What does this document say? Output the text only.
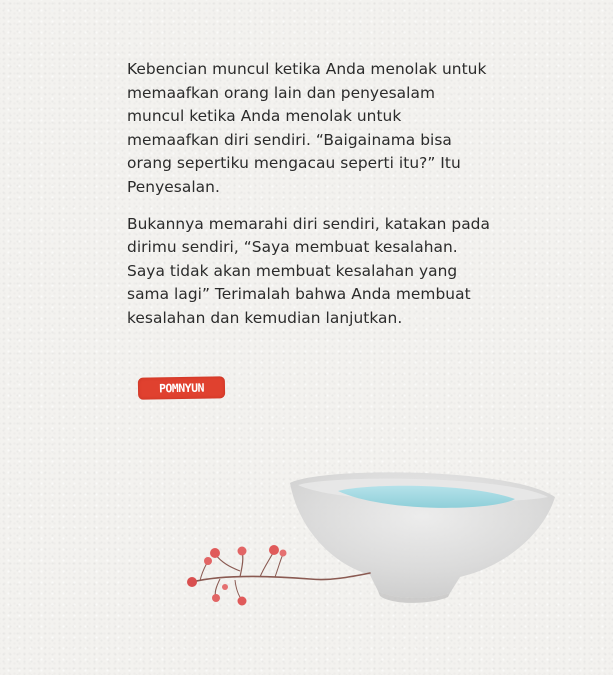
Kebencian muncul ketika Anda menolak untuk
memaafkan orang lain dan penyesalam
muncul ketika Anda menolak untuk
memaafkan diri sendiri. “Baigainama bisa
orang sepertiku mengacau seperti itu?” Itu
Penyesalan.

Bukannya memarahi diri sendiri, katakan pada
dirimu sendiri, “Saya membuat kesalahan.
Saya tidak akan membuat kesalahan yang
sama lagi” Terimalah bahwa Anda membuat
kesalahan dan kemudian lanjutkan.

POMNYUN
